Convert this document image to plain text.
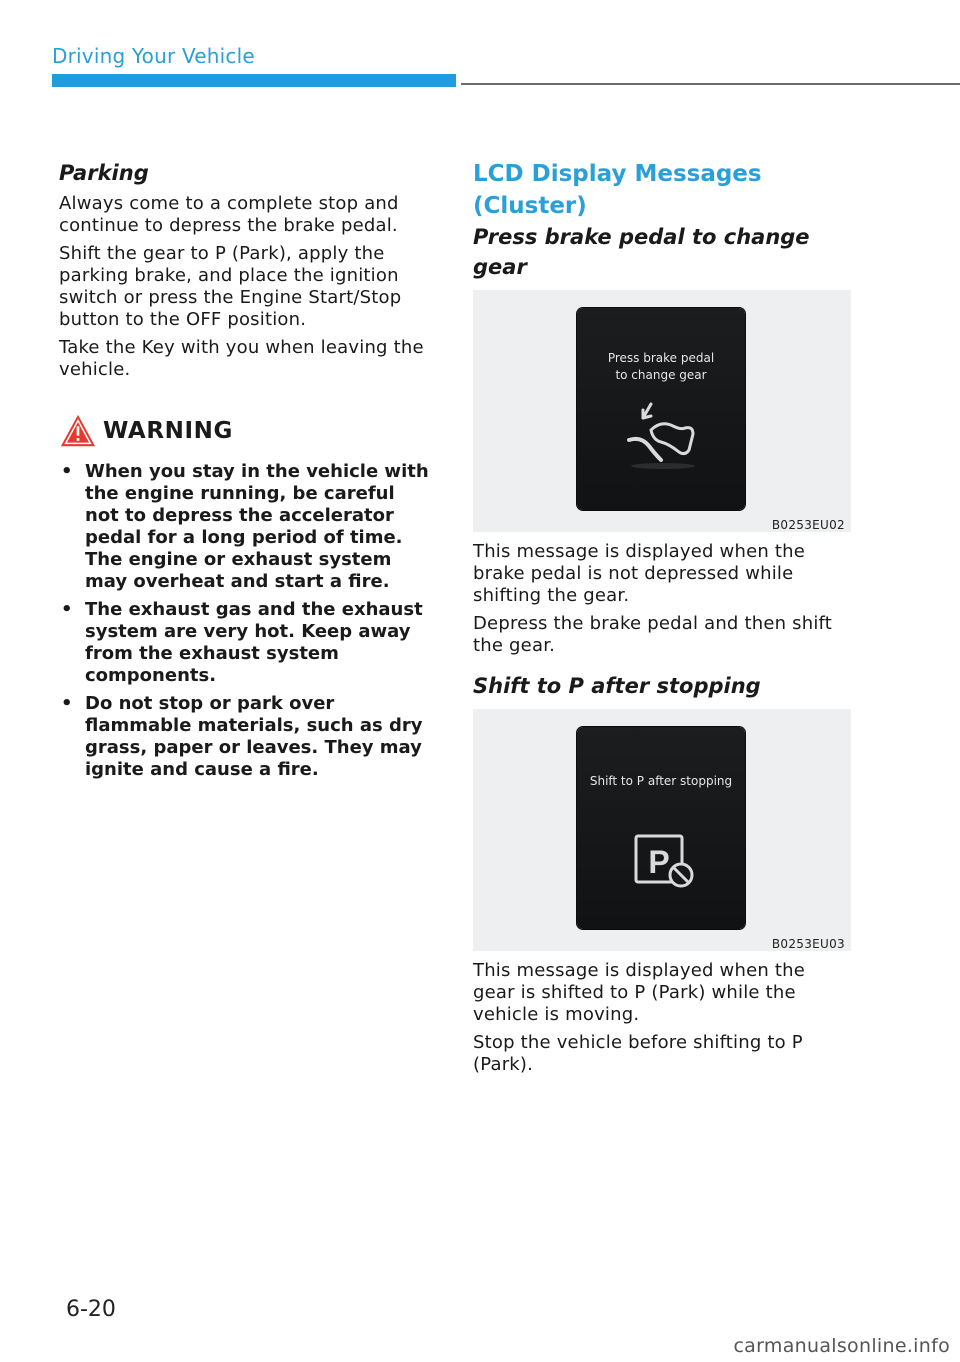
Driving Your Vehicle
Parking

Always come to a complete stop and continue to depress the brake pedal.

Shift the gear to P (Park), apply the parking brake, and place the ignition switch or press the Engine Start/Stop button to the OFF position.

Take the Key with you when leaving the vehicle.

WARNING
• When you stay in the vehicle with the engine running, be careful not to depress the accelerator pedal for a long period of time. The engine or exhaust system may overheat and start a fire.
• The exhaust gas and the exhaust system are very hot. Keep away from the exhaust system components.
• Do not stop or park over flammable materials, such as dry grass, paper or leaves. They may ignite and cause a fire.
LCD Display Messages (Cluster)
Press brake pedal to change gear
Press brake pedal
to change gear
B0253EU02

This message is displayed when the brake pedal is not depressed while shifting the gear.

Depress the brake pedal and then shift the gear.

Shift to P after stopping
Shift to P after stopping
P
B0253EU03

This message is displayed when the gear is shifted to P (Park) while the vehicle is moving.

Stop the vehicle before shifting to P (Park).

6-20
carmanualsonline.info
